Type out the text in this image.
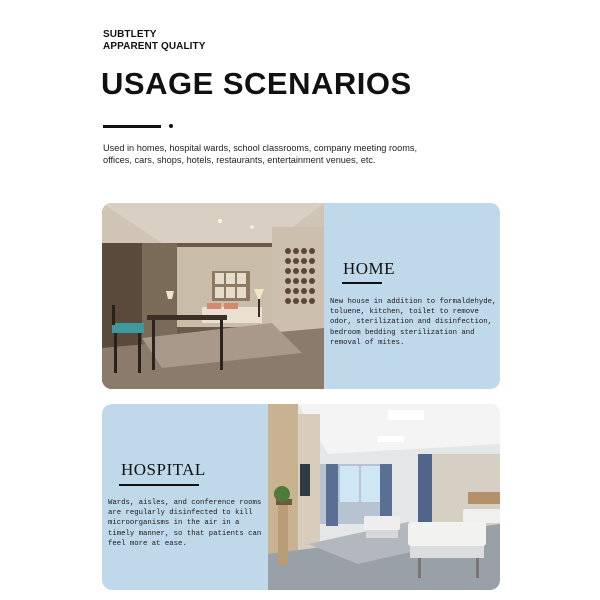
SUBTLETY
APPARENT QUALITY
USAGE SCENARIOS
Used in homes, hospital wards, school classrooms, company meeting rooms, offices, cars, shops, hotels, restaurants, entertainment venues, etc.
HOME
New house in addition to formaldehyde, toluene, kitchen, toilet to remove odor, sterilization and disinfection, bedroom bedding sterilization and removal of mites.
HOSPITAL
Wards, aisles, and conference rooms are regularly disinfected to kill microorganisms in the air in a timely manner, so that patients can feel more at ease.
